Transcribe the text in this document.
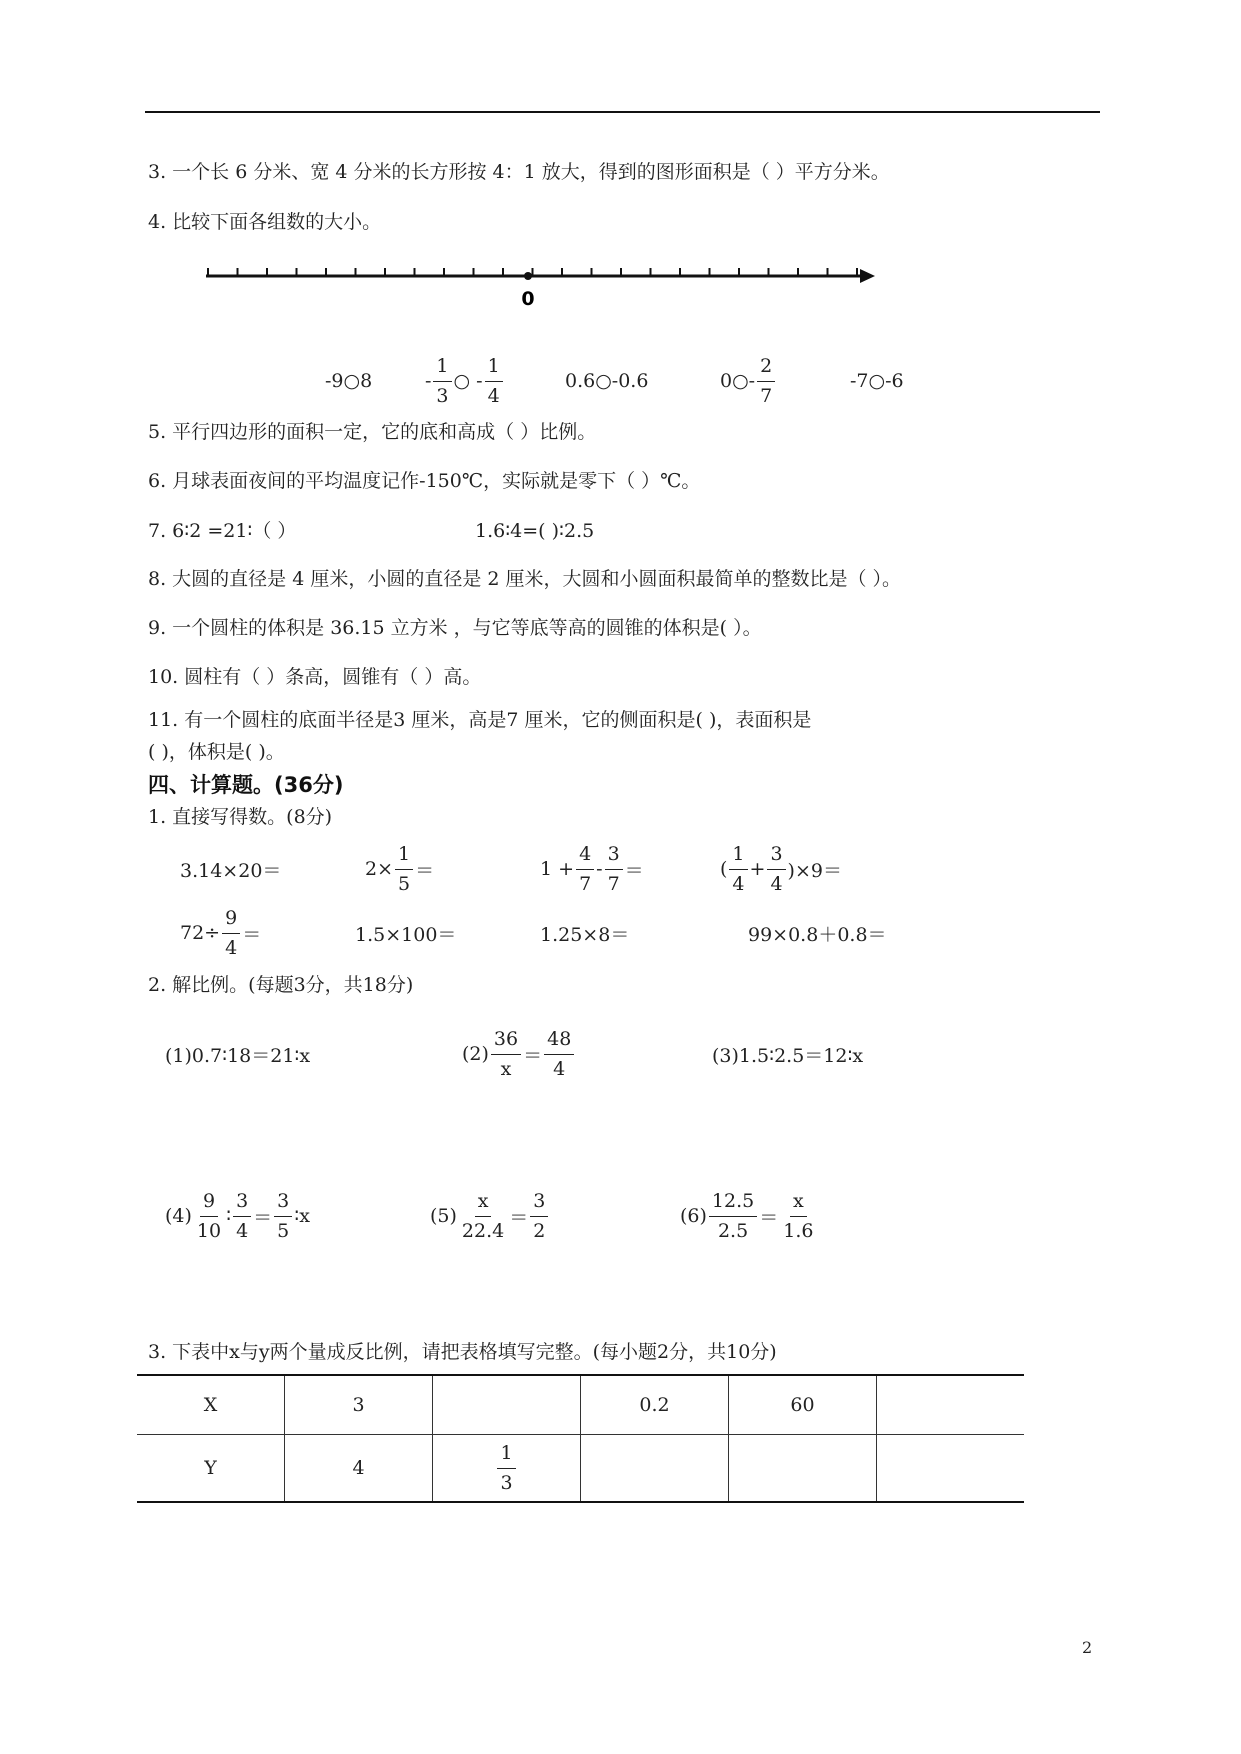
3. 一个长 6 分米、宽 4 分米的长方形按 4：1 放大，得到的图形面积是（ ）平方分米。
4. 比较下面各组数的大小。
0
-9○8	- $\frac{1}{3}$ ○ - $\frac{1}{4}$	0.6○-0.6	0○- $\frac{2}{7}$	-7○-6
5. 平行四边形的面积一定，它的底和高成（ ）比例。
6. 月球表面夜间的平均温度记作-150℃，实际就是零下（ ）℃。
7. 6∶2 =21∶（ ）	1.6∶4=( )∶2.5
8. 大圆的直径是 4 厘米，小圆的直径是 2 厘米，大圆和小圆面积最简单的整数比是（ ）。
9. 一个圆柱的体积是 36.15 立方米 ，与它等底等高的圆锥的体积是( ）。
10. 圆柱有（ ）条高，圆锥有（ ）高。
11. 有一个圆柱的底面半径是3 厘米，高是7 厘米，它的侧面积是( )，表面积是
( )，体积是( )。
四、计算题。(36分)
1. 直接写得数。(8分)
3.14×20＝	$2\times \frac{1}{5}$ ＝	$1 + \frac{4}{7} - \frac{3}{7}$ ＝	( $\frac{1}{4} + \frac{3}{4} )\times 9=$
$72\div \frac{9}{4}$ ＝	1.5×100＝	1.25×8＝	99×0.8＋0.8＝
2. 解比例。(每题3分，共18分)
(1)0.7∶18＝21∶x	$(2) \frac{36}{x} = \frac{48}{4}$	(3)1.5∶2.5＝12∶x
$(4) \frac{9}{10}$ ∶ $\frac{3}{4} = \frac{3}{5}$ ∶x	$(5) \frac{x}{22.4} = \frac{3}{2}$	$(6) \frac{12.5}{2.5} = \frac{x}{1.6}$
3. 下表中x与y两个量成反比例，请把表格填写完整。(每小题2分，共10分)
X	3		0.2	60	
Y	4	$\frac{1}{3}$

2
